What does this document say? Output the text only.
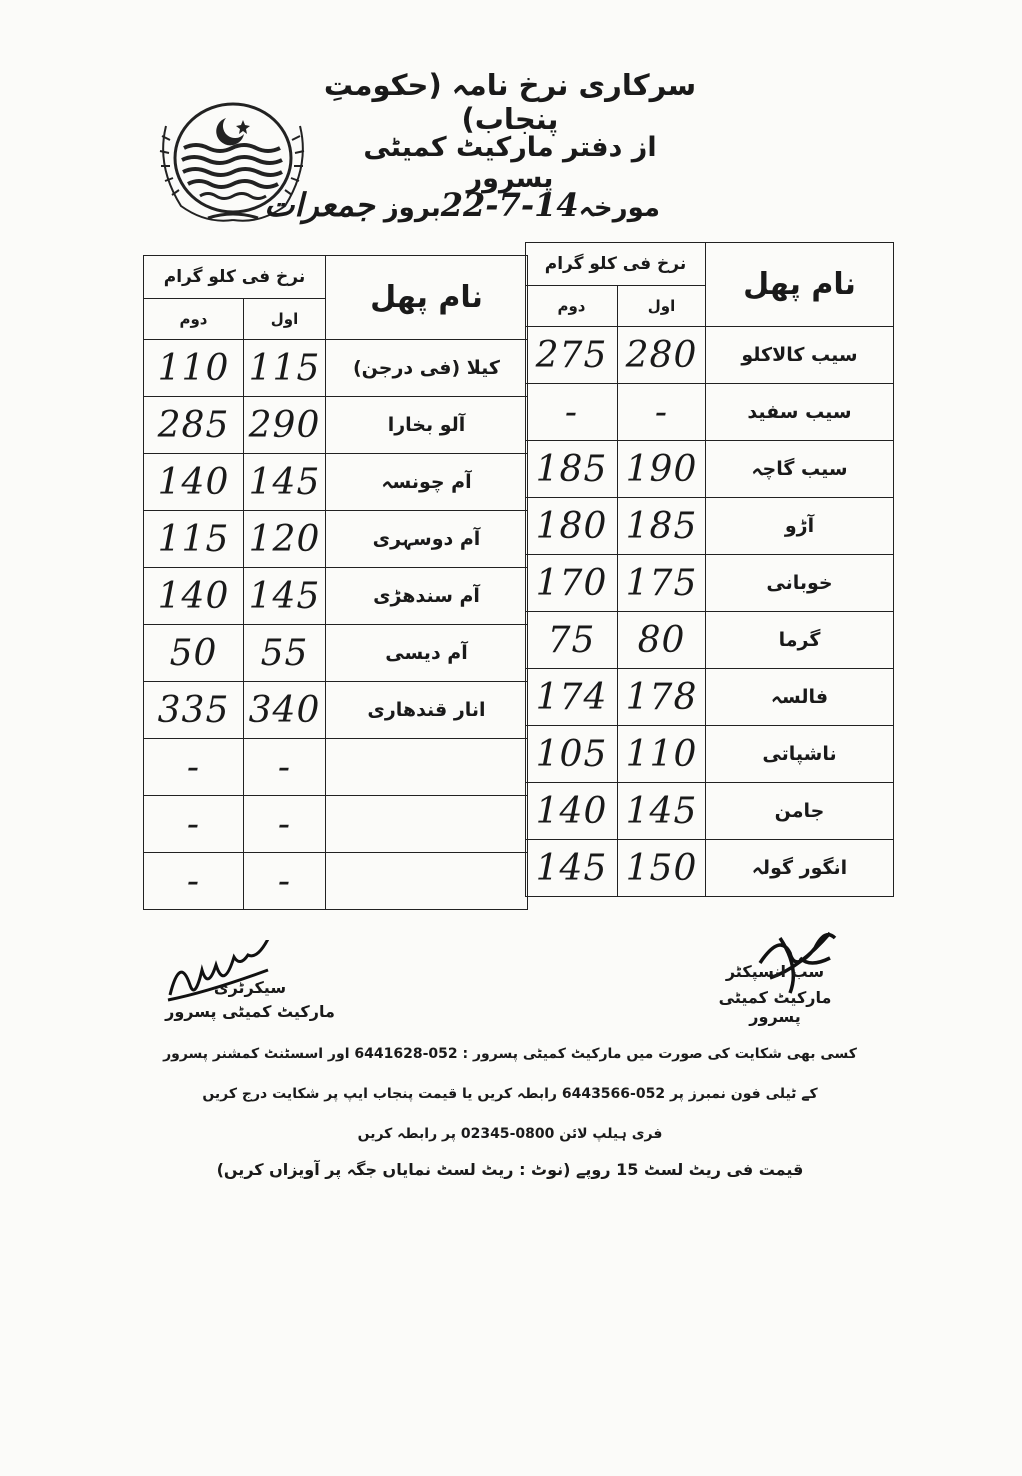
سرکاری نرخ نامہ (حکومتِ پنجاب)
از دفتر مارکیٹ کمیٹی پسرور
مورخہ14-7-22بروز جمعرات
نرخ فی کلو گرام		نام پھل
دوم	اول	
275	280	سیب کالاکلو
-	-	سیب سفید
185	190	سیب گاچہ
180	185	آڑو
170	175	خوبانی
75	80	گرما
174	178	فالسہ
105	110	ناشپاتی
140	145	جامن
145	150	انگور گولہ
نرخ فی کلو گرام		نام پھل
دوم	اول	
110	115	کیلا (فی درجن)
285	290	آلو بخارا
140	145	آم چونسہ
115	120	آم دوسہری
140	145	آم سندھڑی
50	55	آم دیسی
335	340	انار قندھاری
-	-	
-	-	
-	-	
سیکرٹری
مارکیٹ کمیٹی پسرور
سب انسپکٹر
مارکیٹ کمیٹی پسرور
کسی بھی شکایت کی صورت میں مارکیٹ کمیٹی پسرور : 052-6441628 اور اسسٹنٹ کمشنر پسرور
کے ٹیلی فون نمبرز پر 052-6443566 رابطہ کریں یا قیمت پنجاب ایپ پر شکایت درج کریں
فری ہیلپ لائن 0800-02345 پر رابطہ کریں
قیمت فی ریٹ لسٹ 15 روپے (نوٹ : ریٹ لسٹ نمایاں جگہ پر آویزاں کریں)
